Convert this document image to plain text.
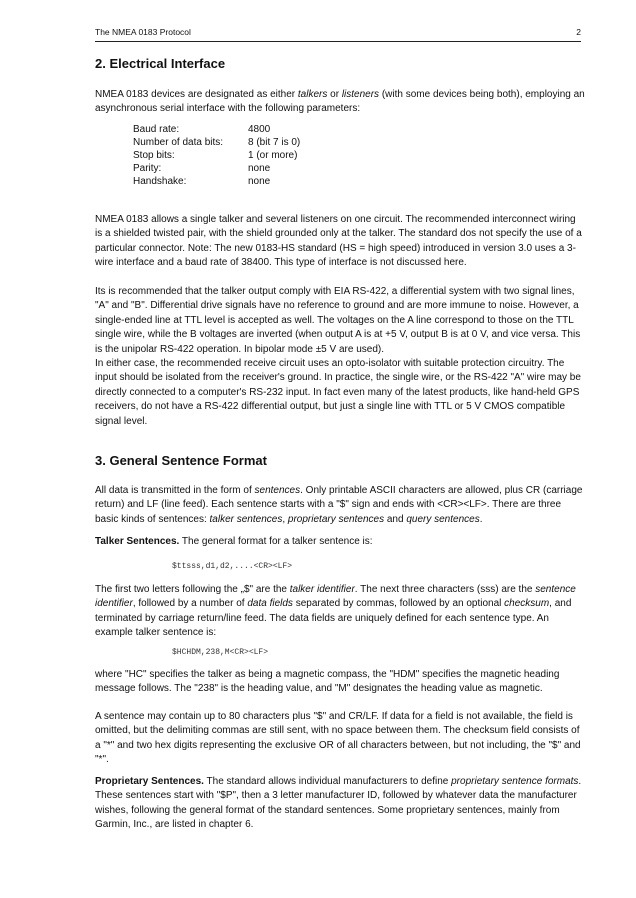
The NMEA 0183 Protocol	2
2. Electrical Interface

NMEA 0183 devices are designated as either talkers or listeners (with some devices being both), employing an asynchronous serial interface with the following parameters:

Baud rate:	4800
Number of data bits:	8 (bit 7 is 0)
Stop bits:	1 (or more)
Parity:	none
Handshake:	none

NMEA 0183 allows a single talker and several listeners on one circuit. The recommended interconnect wiring is a shielded twisted pair, with the shield grounded only at the talker. The standard dos not specify the use of a particular connector. Note: The new 0183-HS standard (HS = high speed) introduced in version 3.0 uses a 3-wire interface and a baud rate of 38400. This type of interface is not discussed here.

Its is recommended that the talker output comply with EIA RS-422, a differential system with two signal lines, "A" and "B". Differential drive signals have no reference to ground and are more immune to noise. However, a single-ended line at TTL level is accepted as well. The voltages on the A line correspond to those on the TTL single wire, while the B voltages are inverted (when output A is at +5 V, output B is at 0 V, and vice versa. This is the unipolar RS-422 operation. In bipolar mode ±5 V are used).

In either case, the recommended receive circuit uses an opto-isolator with suitable protection circuitry. The input should be isolated from the receiver's ground. In practice, the single wire, or the RS-422 "A" wire may be directly connected to a computer's RS-232 input. In fact even many of the latest products, like hand-held GPS receivers, do not have a RS-422 differential output, but just a single line with TTL or 5 V CMOS compatible signal level.

3. General Sentence Format

All data is transmitted in the form of sentences. Only printable ASCII characters are allowed, plus CR (carriage return) and LF (line feed). Each sentence starts with a "$" sign and ends with <CR><LF>. There are three basic kinds of sentences: talker sentences, proprietary sentences and query sentences.

Talker Sentences. The general format for a talker sentence is:

$ttsss,d1,d2,....<CR><LF>

The first two letters following the „$" are the talker identifier. The next three characters (sss) are the sentence identifier, followed by a number of data fields separated by commas, followed by an optional checksum, and terminated by carriage return/line feed. The data fields are uniquely defined for each sentence type. An example talker sentence is:

$HCHDM,238,M<CR><LF>

where "HC" specifies the talker as being a magnetic compass, the "HDM" specifies the magnetic heading message follows. The "238" is the heading value, and "M" designates the heading value as magnetic.

A sentence may contain up to 80 characters plus "$" and CR/LF. If data for a field is not available, the field is omitted, but the delimiting commas are still sent, with no space between them. The checksum field consists of a "*" and two hex digits representing the exclusive OR of all characters between, but not including, the "$" and "*".

Proprietary Sentences. The standard allows individual manufacturers to define proprietary sentence formats. These sentences start with "$P", then a 3 letter manufacturer ID, followed by whatever data the manufacturer wishes, following the general format of the standard sentences. Some proprietary sentences, mainly from Garmin, Inc., are listed in chapter 6.
